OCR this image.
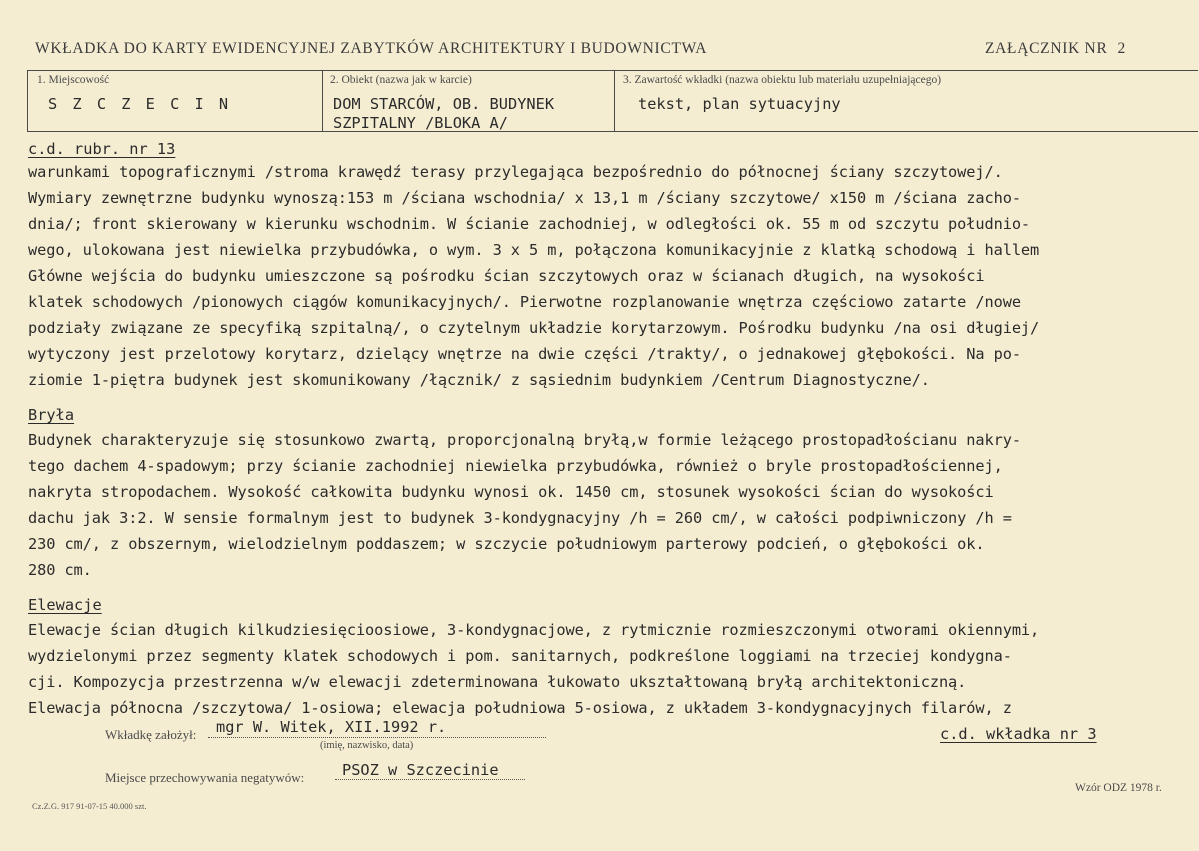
WKŁADKA DO KARTY EWIDENCYJNEJ ZABYTKÓW ARCHITEKTURY I BUDOWNICTWA	ZAŁĄCZNIK NR 2
1. Miejscowość
S Z C Z E C I N
2. Obiekt (nazwa jak w karcie)
DOM STARCÓW, OB. BUDYNEK
SZPITALNY /BLOKA A/
3. Zawartość wkładki (nazwa obiektu lub materiału uzupełniającego)
tekst, plan sytuacyjny
c.d. rubr. nr 13
warunkami topograficznymi /stroma krawędź terasy przylegająca bezpośrednio do północnej ściany szczytowej/.
Wymiary zewnętrzne budynku wynoszą:153 m /ściana wschodnia/ x 13,1 m /ściany szczytowe/ x150 m /ściana zacho-
dnia/; front skierowany w kierunku wschodnim. W ścianie zachodniej, w odległości ok. 55 m od szczytu południo-
wego, ulokowana jest niewielka przybudówka, o wym. 3 x 5 m, połączona komunikacyjnie z klatką schodową i hallem
Główne wejścia do budynku umieszczone są pośrodku ścian szczytowych oraz w ścianach długich, na wysokości
klatek schodowych /pionowych ciągów komunikacyjnych/. Pierwotne rozplanowanie wnętrza częściowo zatarte /nowe
podziały związane ze specyfiką szpitalną/, o czytelnym układzie korytarzowym. Pośrodku budynku /na osi długiej/
wytyczony jest przelotowy korytarz, dzielący wnętrze na dwie części /trakty/, o jednakowej głębokości. Na po-
ziomie 1-piętra budynek jest skomunikowany /łącznik/ z sąsiednim budynkiem /Centrum Diagnostyczne/.
Bryła
Budynek charakteryzuje się stosunkowo zwartą, proporcjonalną bryłą,w formie leżącego prostopadłościanu nakry-
tego dachem 4-spadowym; przy ścianie zachodniej niewielka przybudówka, również o bryle prostopadłościennej,
nakryta stropodachem. Wysokość całkowita budynku wynosi ok. 1450 cm, stosunek wysokości ścian do wysokości
dachu jak 3:2. W sensie formalnym jest to budynek 3-kondygnacyjny /h = 260 cm/, w całości podpiwniczony /h =
230 cm/, z obszernym, wielodzielnym poddaszem; w szczycie południowym parterowy podcień, o głębokości ok.
280 cm.
Elewacje
Elewacje ścian długich kilkudziesięcioosiowe, 3-kondygnacjowe, z rytmicznie rozmieszczonymi otworami okiennymi,
wydzielonymi przez segmenty klatek schodowych i pom. sanitarnych, podkreślone loggiami na trzeciej kondygna-
cji. Kompozycja przestrzenna w/w elewacji zdeterminowana łukowato ukształtowaną bryłą architektoniczną.
Elewacja północna /szczytowa/ 1-osiowa; elewacja południowa 5-osiowa, z układem 3-kondygnacyjnych filarów, z
Wkładkę założył: mgr W. Witek, XII.1992 r.
(imię, nazwisko, data)
c.d. wkładka nr 3
Miejsce przechowywania negatywów: PSOZ w Szczecinie
Cz.Z.G. 917 91-07-15 40.000 szt.
Wzór ODZ 1978 r.
